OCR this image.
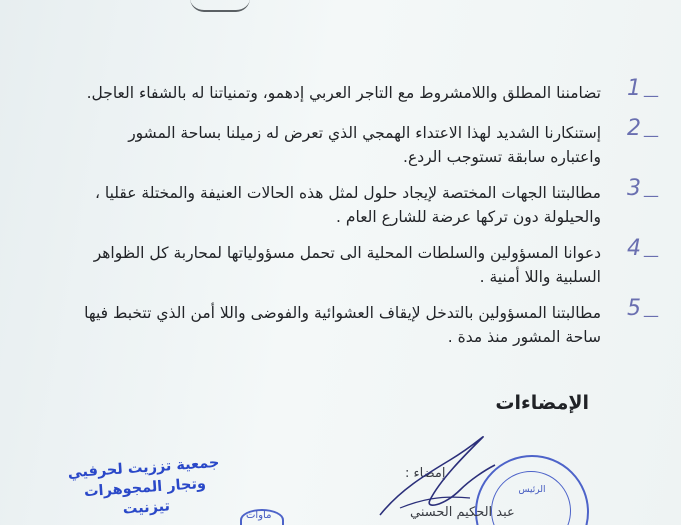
1 —
تضامننا المطلق واللامشروط مع التاجر العربي إدهمو، وتمنياتنا له بالشفاء العاجل.
2 —
إستنكارنا الشديد لهذا الاعتداء الهمجي الذي تعرض له زميلنا بساحة المشور
واعتباره سابقة تستوجب الردع.
3 —
مطالبتنا الجهات المختصة لإيجاد حلول لمثل هذه الحالات العنيفة والمختلة عقليا ،
والحيلولة دون تركها عرضة للشارع العام .
4 —
دعوانا المسؤولين والسلطات المحلية الى تحمل مسؤولياتها لمحاربة كل الظواهر
السلبية واللا أمنية .
5 —
مطالبتنا المسؤولين بالتدخل لإيقاف العشوائية والفوضى واللا أمن الذي تتخبط فيها
ساحة المشور منذ مدة .
الإمضاءات
جمعية تززيت لحرفيي
وتجار المجوهرات
تيزنيت	ماوات
إمضاء :
الرئيس
عبد الحكيم الحسني
